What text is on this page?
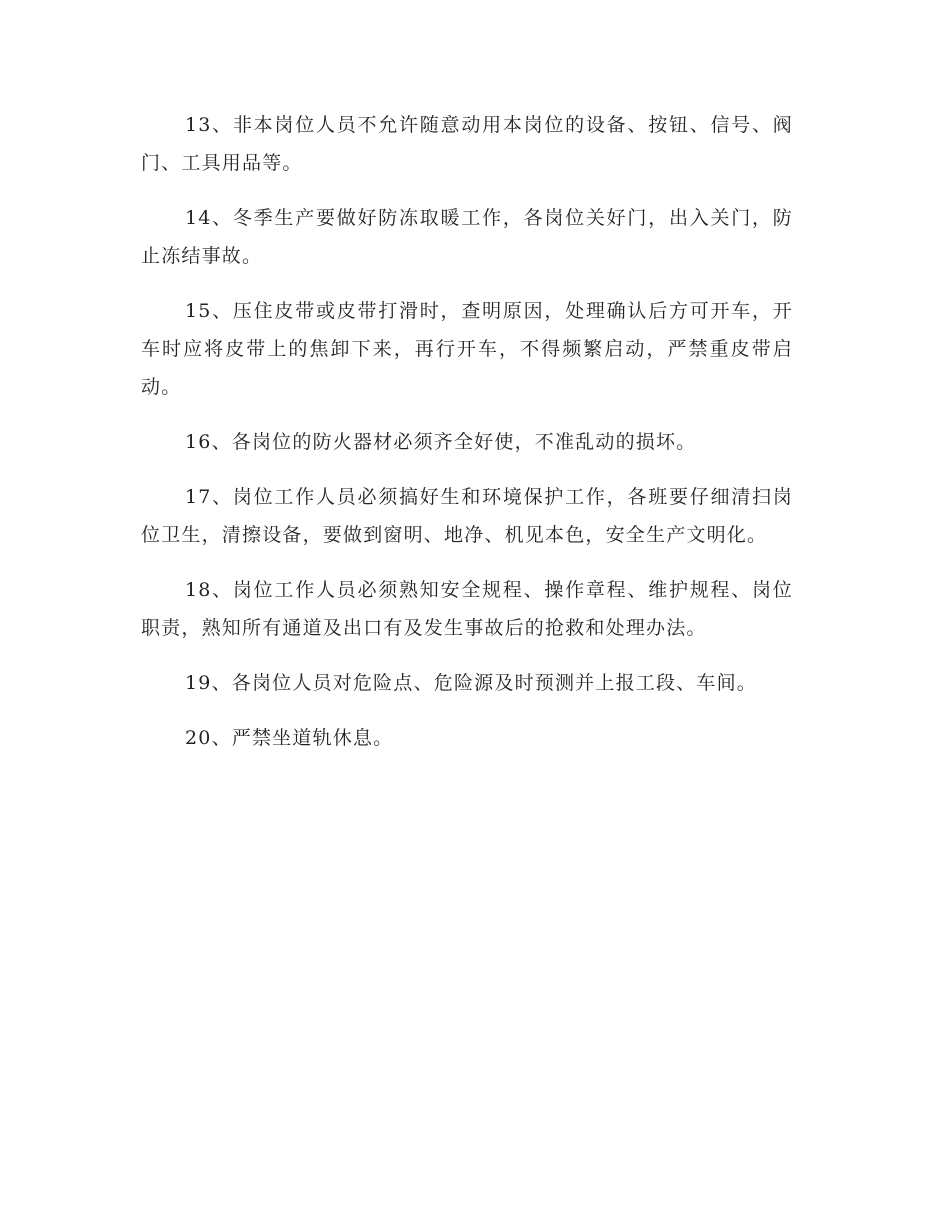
13、非本岗位人员不允许随意动用本岗位的设备、按钮、信号、阀门、工具用品等。

14、冬季生产要做好防冻取暖工作，各岗位关好门，出入关门，防止冻结事故。

15、压住皮带或皮带打滑时，查明原因，处理确认后方可开车，开车时应将皮带上的焦卸下来，再行开车，不得频繁启动，严禁重皮带启动。

16、各岗位的防火器材必须齐全好使，不准乱动的损坏。

17、岗位工作人员必须搞好生和环境保护工作，各班要仔细清扫岗位卫生，清擦设备，要做到窗明、地净、机见本色，安全生产文明化。

18、岗位工作人员必须熟知安全规程、操作章程、维护规程、岗位职责，熟知所有通道及出口有及发生事故后的抢救和处理办法。

19、各岗位人员对危险点、危险源及时预测并上报工段、车间。

20、严禁坐道轨休息。
